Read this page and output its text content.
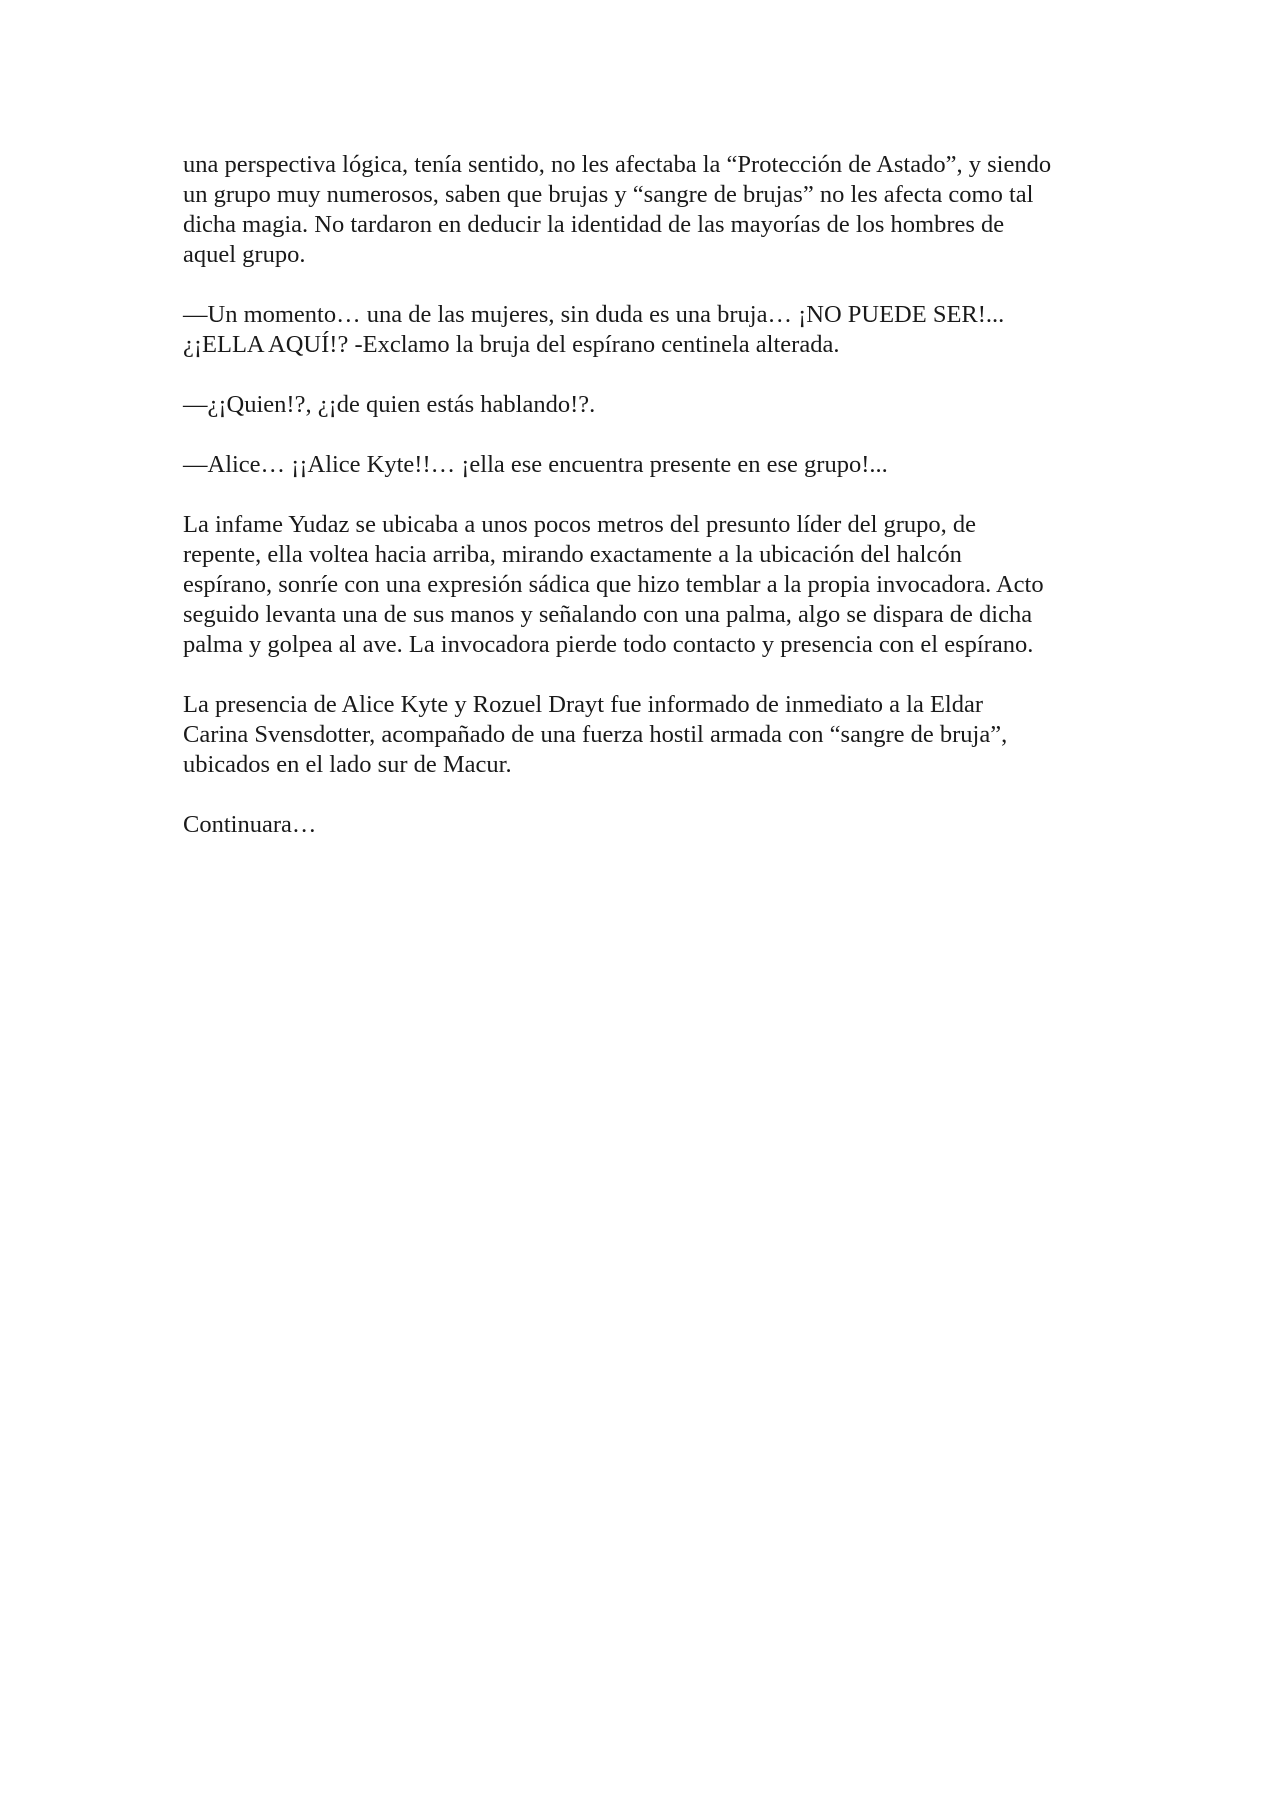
una perspectiva lógica, tenía sentido, no les afectaba la “Protección de Astado”, y siendo
un grupo muy numerosos, saben que brujas y “sangre de brujas” no les afecta como tal
dicha magia. No tardaron en deducir la identidad de las mayorías de los hombres de
aquel grupo.

—Un momento… una de las mujeres, sin duda es una bruja… ¡NO PUEDE SER!...
¿¡ELLA AQUÍ!? -Exclamo la bruja del espírano centinela alterada.

—¿¡Quien!?, ¿¡de quien estás hablando!?.

—Alice… ¡¡Alice Kyte!!… ¡ella ese encuentra presente en ese grupo!...

La infame Yudaz se ubicaba a unos pocos metros del presunto líder del grupo, de
repente, ella voltea hacia arriba, mirando exactamente a la ubicación del halcón
espírano, sonríe con una expresión sádica que hizo temblar a la propia invocadora. Acto
seguido levanta una de sus manos y señalando con una palma, algo se dispara de dicha
palma y golpea al ave. La invocadora pierde todo contacto y presencia con el espírano.

La presencia de Alice Kyte y Rozuel Drayt fue informado de inmediato a la Eldar
Carina Svensdotter, acompañado de una fuerza hostil armada con “sangre de bruja”,
ubicados en el lado sur de Macur.

Continuara…
